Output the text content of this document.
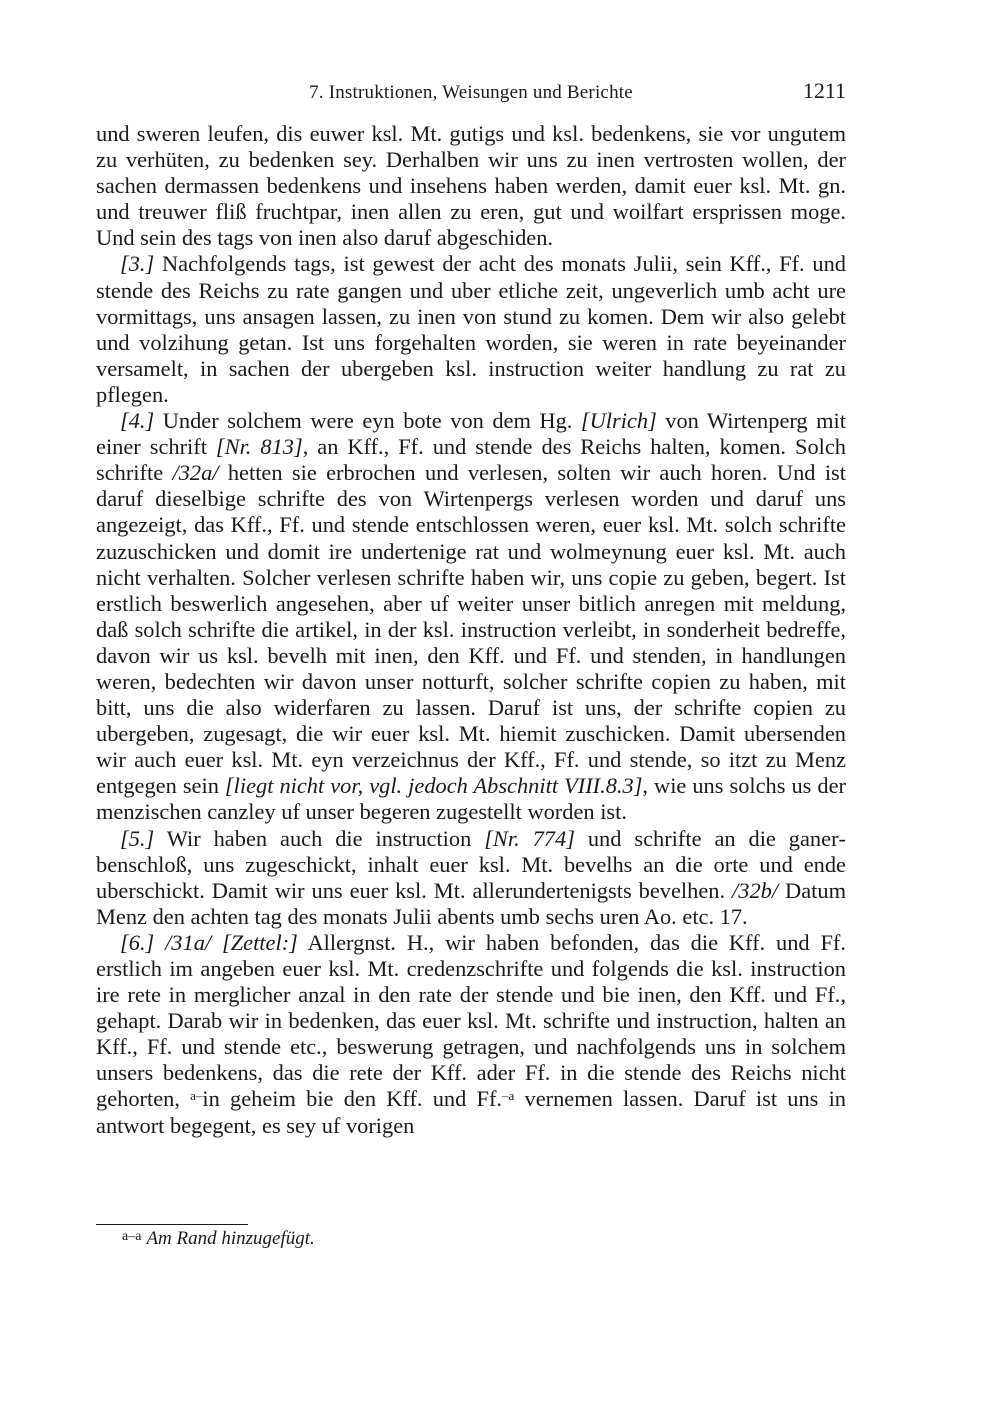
7. Instruktionen, Weisungen und Berichte	1211

und sweren leufen, dis euwer ksl. Mt. gutigs und ksl. bedenkens, sie vor ungutem zu verhüten, zu bedenken sey. Derhalben wir uns zu inen vertrosten wollen, der sachen dermassen bedenkens und insehens haben werden, damit euer ksl. Mt. gn. und treuwer fliß fruchtpar, inen allen zu eren, gut und woilfart ersprissen moge. Und sein des tags von inen also daruf abgeschiden.

[3.] Nachfolgends tags, ist gewest der acht des monats Julii, sein Kff., Ff. und stende des Reichs zu rate gangen und uber etliche zeit, ungeverlich umb acht ure vormittags, uns ansagen lassen, zu inen von stund zu komen. Dem wir also gelebt und volzihung getan. Ist uns forgehalten worden, sie weren in rate beyeinander versamelt, in sachen der ubergeben ksl. instruction weiter handlung zu rat zu pflegen.

[4.] Under solchem were eyn bote von dem Hg. [Ulrich] von Wirtenperg mit einer schrift [Nr. 813], an Kff., Ff. und stende des Reichs halten, komen. Solch schrifte /32a/ hetten sie erbrochen und verlesen, solten wir auch horen. Und ist daruf dieselbige schrifte des von Wirtenpergs verlesen worden und daruf uns angezeigt, das Kff., Ff. und stende entschlossen weren, euer ksl. Mt. solch schrifte zuzuschicken und domit ire undertenige rat und wolmeynung euer ksl. Mt. auch nicht verhalten. Solcher verlesen schrifte haben wir, uns copie zu geben, begert. Ist erstlich beswerlich angesehen, aber uf weiter unser bitlich anregen mit meldung, daß solch schrifte die artikel, in der ksl. instruction verleibt, in sonderheit bedreffe, davon wir us ksl. bevelh mit inen, den Kff. und Ff. und stenden, in handlungen weren, bedechten wir davon unser notturft, solcher schrifte copien zu haben, mit bitt, uns die also widerfaren zu lassen. Daruf ist uns, der schrifte copien zu ubergeben, zugesagt, die wir euer ksl. Mt. hiemit zuschicken. Damit ubersenden wir auch euer ksl. Mt. eyn verzeichnus der Kff., Ff. und stende, so itzt zu Menz entgegen sein [liegt nicht vor, vgl. jedoch Abschnitt VIII.8.3], wie uns solchs us der menzischen canzley uf unser begeren zugestellt worden ist.

[5.] Wir haben auch die instruction [Nr. 774] und schrifte an die ganerbenschloß, uns zugeschickt, inhalt euer ksl. Mt. bevelhs an die orte und ende uberschickt. Damit wir uns euer ksl. Mt. allerundertenigsts bevelhen. /32b/ Datum Menz den achten tag des monats Julii abents umb sechs uren Ao. etc. 17.

[6.] /31a/ [Zettel:] Allergnst. H., wir haben befonden, das die Kff. und Ff. erstlich im angeben euer ksl. Mt. credenzschrifte und folgends die ksl. instruction ire rete in merglicher anzal in den rate der stende und bie inen, den Kff. und Ff., gehapt. Darab wir in bedenken, das euer ksl. Mt. schrifte und instruction, halten an Kff., Ff. und stende etc., beswerung getragen, und nachfolgends uns in solchem unsers bedenkens, das die rete der Kff. ader Ff. in die stende des Reichs nicht gehorten, $^{a-}$in geheim bie den Kff. und Ff.$^{-a}$ vernemen lassen. Daruf ist uns in antwort begegent, es sey uf vorigen

$^{a-a}$ Am Rand hinzugefügt.
